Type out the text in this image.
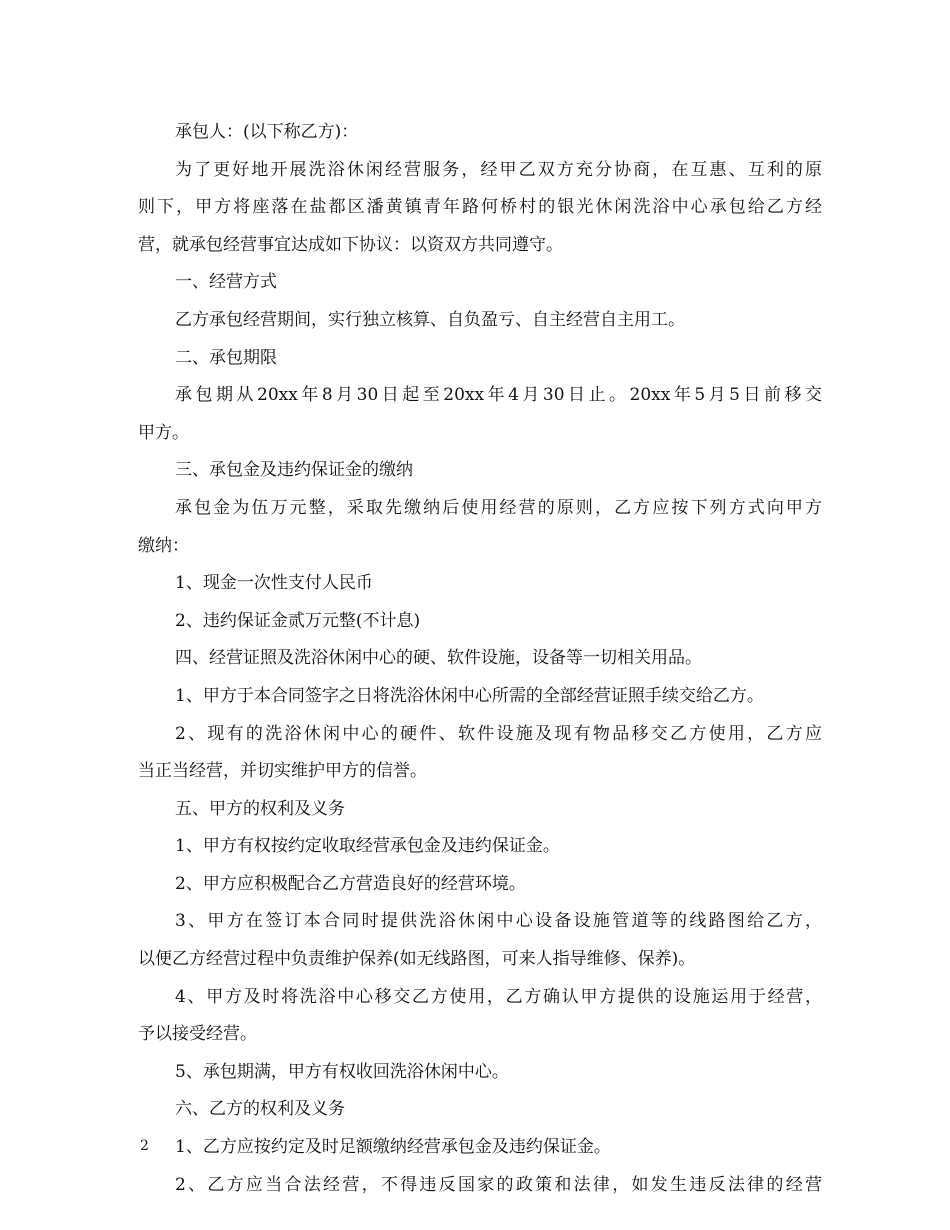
承包人：(以下称乙方)：
为了更好地开展洗浴休闲经营服务，经甲乙双方充分协商，在互惠、互利的原
则下，甲方将座落在盐都区潘黄镇青年路何桥村的银光休闲洗浴中心承包给乙方经
营，就承包经营事宜达成如下协议：以资双方共同遵守。
一、经营方式
乙方承包经营期间，实行独立核算、自负盈亏、自主经营自主用工。
二、承包期限
承包期从20xx年8月30日起至20xx年4月30日止。20xx年5月5日前移交
甲方。
三、承包金及违约保证金的缴纳
承包金为伍万元整，采取先缴纳后使用经营的原则，乙方应按下列方式向甲方
缴纳：
1、现金一次性支付人民币
2、违约保证金贰万元整(不计息)
四、经营证照及洗浴休闲中心的硬、软件设施，设备等一切相关用品。
1、甲方于本合同签字之日将洗浴休闲中心所需的全部经营证照手续交给乙方。
2、现有的洗浴休闲中心的硬件、软件设施及现有物品移交乙方使用，乙方应
当正当经营，并切实维护甲方的信誉。
五、甲方的权利及义务
1、甲方有权按约定收取经营承包金及违约保证金。
2、甲方应积极配合乙方营造良好的经营环境。
3、甲方在签订本合同时提供洗浴休闲中心设备设施管道等的线路图给乙方，
以便乙方经营过程中负责维护保养(如无线路图，可来人指导维修、保养)。
4、甲方及时将洗浴中心移交乙方使用，乙方确认甲方提供的设施运用于经营，
予以接受经营。
5、承包期满，甲方有权收回洗浴休闲中心。
六、乙方的权利及义务
1、乙方应按约定及时足额缴纳经营承包金及违约保证金。
2、乙方应当合法经营，不得违反国家的政策和法律，如发生违反法律的经营
2
